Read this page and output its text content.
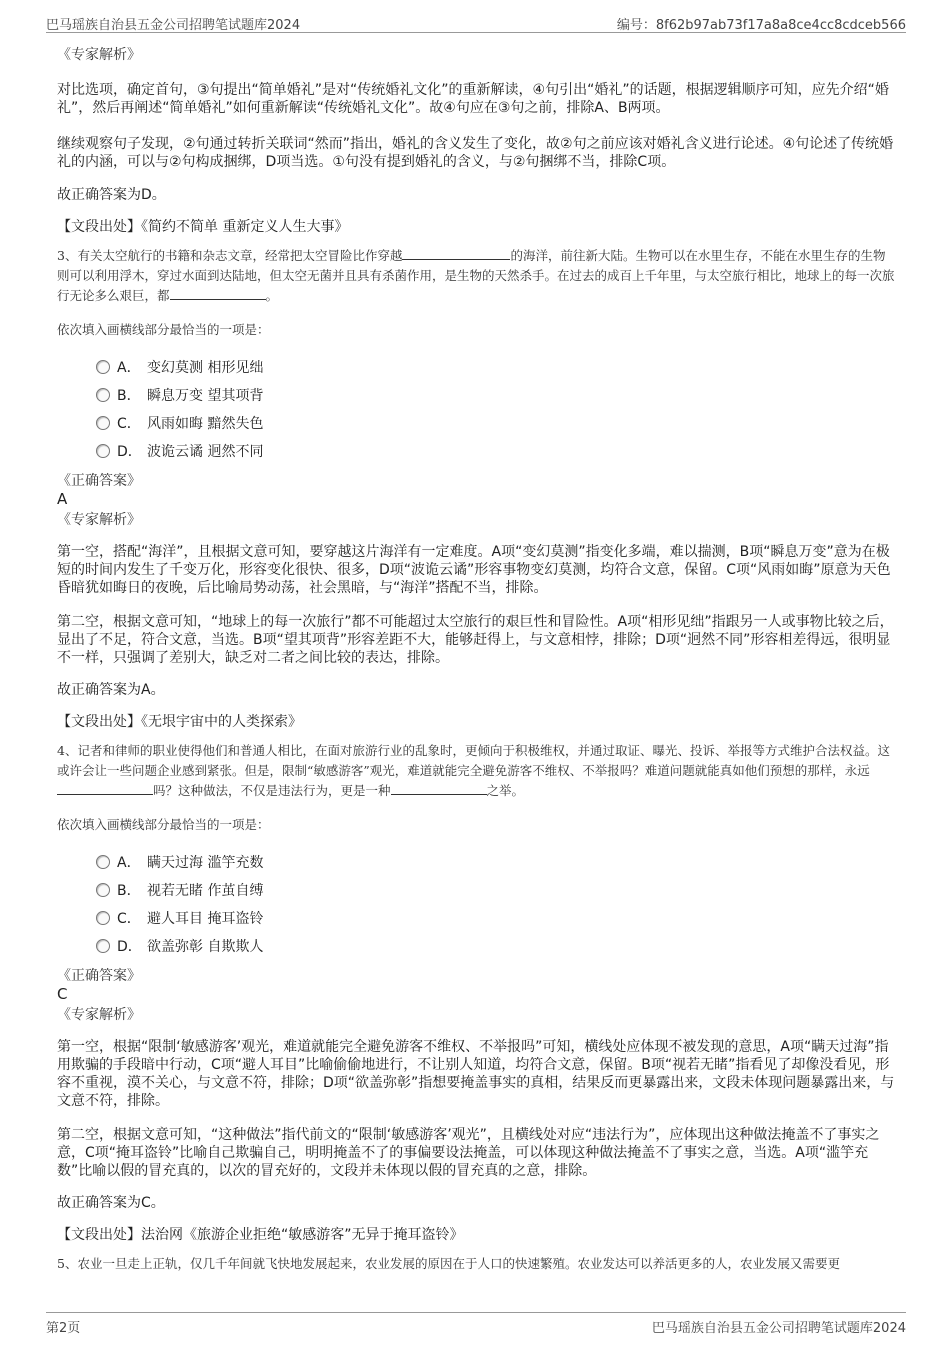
巴马瑶族自治县五金公司招聘笔试题库2024	编号：8f62b97ab73f17a8a8ce4cc8cdceb566

《专家解析》

对比选项，确定首句，③句提出“简单婚礼”是对“传统婚礼文化”的重新解读，④句引出“婚礼”的话题，根据逻辑顺序可知，应先介绍“婚礼”，然后再阐述“简单婚礼”如何重新解读“传统婚礼文化”。故④句应在③句之前，排除A、B两项。

继续观察句子发现，②句通过转折关联词“然而”指出，婚礼的含义发生了变化，故②句之前应该对婚礼含义进行论述。④句论述了传统婚礼的内涵，可以与②句构成捆绑，D项当选。①句没有提到婚礼的含义，与②句捆绑不当，排除C项。

故正确答案为D。

【文段出处】《简约不简单 重新定义人生大事》

3、有关太空航行的书籍和杂志文章，经常把太空冒险比作穿越	的海洋，前往新大陆。生物可以在水里生存，不能在水里生存的生物则可以利用浮木，穿过水面到达陆地，但太空无菌并且具有杀菌作用，是生物的天然杀手。在过去的成百上千年里，与太空旅行相比，地球上的每一次旅行无论多么艰巨，都	。

依次填入画横线部分最恰当的一项是：

A． 变幻莫测 相形见绌
B． 瞬息万变 望其项背
C． 风雨如晦 黯然失色
D． 波诡云谲 迥然不同

《正确答案》

A

《专家解析》

第一空，搭配“海洋”，且根据文意可知，要穿越这片海洋有一定难度。A项“变幻莫测”指变化多端，难以揣测，B项“瞬息万变”意为在极短的时间内发生了千变万化，形容变化很快、很多，D项“波诡云谲”形容事物变幻莫测，均符合文意，保留。C项“风雨如晦”原意为天色昏暗犹如晦日的夜晚，后比喻局势动荡，社会黑暗，与“海洋”搭配不当，排除。

第二空，根据文意可知，“地球上的每一次旅行”都不可能超过太空旅行的艰巨性和冒险性。A项“相形见绌”指跟另一人或事物比较之后，显出了不足，符合文意，当选。B项“望其项背”形容差距不大，能够赶得上，与文意相悖，排除；D项“迥然不同”形容相差得远，很明显不一样，只强调了差别大，缺乏对二者之间比较的表达，排除。

故正确答案为A。

【文段出处】《无垠宇宙中的人类探索》

4、记者和律师的职业使得他们和普通人相比，在面对旅游行业的乱象时，更倾向于积极维权，并通过取证、曝光、投诉、举报等方式维护合法权益。这或许会让一些问题企业感到紧张。但是，限制“敏感游客”观光，难道就能完全避免游客不维权、不举报吗？难道问题就能真如他们预想的那样，永远吗？这种做法，不仅是违法行为，更是一种	之举。

依次填入画横线部分最恰当的一项是：

A． 瞒天过海 滥竽充数
B． 视若无睹 作茧自缚
C． 避人耳目 掩耳盗铃
D． 欲盖弥彰 自欺欺人

《正确答案》

C

《专家解析》

第一空，根据“限制‘敏感游客’观光，难道就能完全避免游客不维权、不举报吗”可知，横线处应体现不被发现的意思，A项“瞒天过海”指用欺骗的手段暗中行动，C项“避人耳目”比喻偷偷地进行，不让别人知道，均符合文意，保留。B项“视若无睹”指看见了却像没看见，形容不重视，漠不关心，与文意不符，排除；D项“欲盖弥彰”指想要掩盖事实的真相，结果反而更暴露出来，文段未体现问题暴露出来，与文意不符，排除。

第二空，根据文意可知，“这种做法”指代前文的“限制‘敏感游客’观光”，且横线处对应“违法行为”，应体现出这种做法掩盖不了事实之意，C项“掩耳盗铃”比喻自己欺骗自己，明明掩盖不了的事偏要设法掩盖，可以体现这种做法掩盖不了事实之意，当选。A项“滥竽充数”比喻以假的冒充真的，以次的冒充好的，文段并未体现以假的冒充真的之意，排除。

故正确答案为C。

【文段出处】法治网《旅游企业拒绝“敏感游客”无异于掩耳盗铃》

5、农业一旦走上正轨，仅几千年间就飞快地发展起来，农业发展的原因在于人口的快速繁殖。农业发达可以养活更多的人，农业发展又需要更

第2页	巴马瑶族自治县五金公司招聘笔试题库2024
